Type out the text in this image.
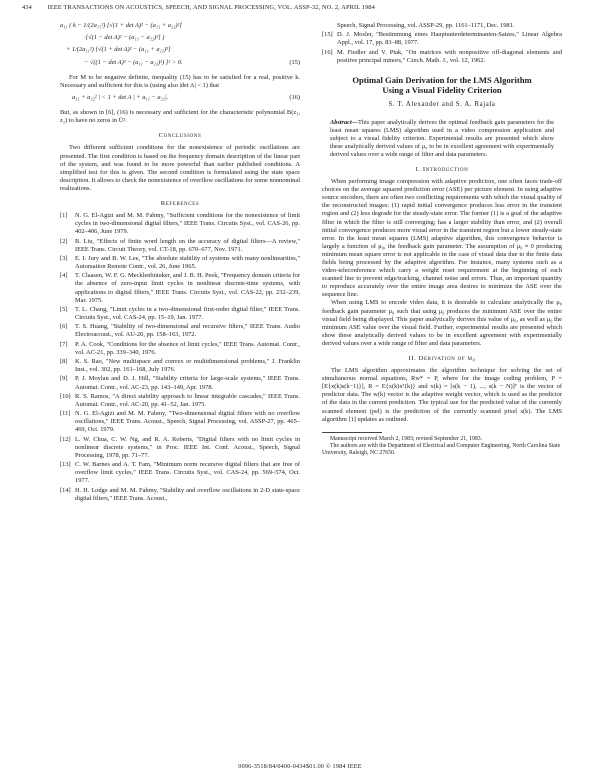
434 IEEE TRANSACTIONS ON ACOUSTICS, SPEECH, AND SIGNAL PROCESSING, VOL. ASSP-32, NO. 2, APRIL 1984
a₁₁ ( k − 1/(2a₁₁²) [√(1 + det A)² − (a₁₁ + a₂₂)²]
·[√(1 − det A)² − (a₁₁ − a₂₂)²] )
+ 1/(2a₁₁²) [√(1 + det A)² − (a₁₁ + a₂₂)²]
− √((1 − det A)² − (a₁₁ − a₂₂)²) ]² > 0.	(15)

For M to be negative definite, inequality (15) has to be satisfied for a real, positive k. Necessary and sufficient for this is (using also |det A| < 1) that

a₁₁ + a₂₂² | < 1 + det A | + a₁₁ − a₂₂|.	(16)

But, as shown in [6], (16) is necessary and sufficient for the characteristic polynomial B(z₁, z₂) to have no zeros in Ū².

Conclusions

Two different sufficient conditions for the nonexistence of periodic oscillations are presented. The first condition is based on the frequency domain description of the linear part of the system, and was found to be more powerful than earlier published conditions. A simplified test for this is given. The second condition is formulated using the state space description. It allows to check the nonexistence of overflow oscillations for some nonnominal realizations.

References
[1] N. G. El-Agizi and M. M. Fahmy, "Sufficient conditions for the nonexistence of limit cycles in two-dimensional digital filters," IEEE Trans. Circuits Syst., vol. CAS-26, pp. 402–406, June 1979.
[2] B. Liu, "Effects of finite word length on the accuracy of digital filters—A review," IEEE Trans. Circuit Theory, vol. CT-18, pp. 670–677, Nov. 1971.
[3] E. I. Jury and B. W. Lee, "The absolute stability of systems with many nonlinearities," Automation Remote Contr., vol. 26, June 1965.
[4] T. Claasen, W. F. G. Mecklenbräuker, and J. B. H. Peek, "Frequency domain criteria for the absence of zero-input limit cycles in nonlinear discrete-time systems, with applications to digital filters," IEEE Trans. Circuits Syst., vol. CAS-22, pp. 232–239, Mar. 1975.
[5] T. L. Chang, "Limit cycles in a two-dimensional first-order digital filter," IEEE Trans. Circuits Syst., vol. CAS-24, pp. 15–19, Jan. 1977.
[6] T. S. Huang, "Stability of two-dimensional and recursive filters," IEEE Trans. Audio Electroacoust., vol. AU-20, pp. 158–163, 1972.
[7] P. A. Cook, "Conditions for the absence of limit cycles," IEEE Trans. Automat. Contr., vol. AC-21, pp. 339–340, 1976.
[8] K. S. Rao, "New multispace and convex or multidimensional problems," J. Franklin Inst., vol. 302, pp. 161–168, July 1976.
[9] P. J. Moylan and D. J. Hill, "Stability criteria for large-scale systems," IEEE Trans. Automat. Contr., vol. AC-23, pp. 143–149, Apr. 1978.
[10] R. S. Ramos, "A direct stability approach to linear integrable cascades," IEEE Trans. Automat. Contr., vol. AC-20, pp. 41–52, Jan. 1975.
[11] N. G. El-Agizi and M. M. Fahmy, "Two-dimensional digital filters with no overflow oscillations," IEEE Trans. Acoust., Speech, Signal Processing, vol. ASSP-27, pp. 465–469, Oct. 1979.
[12] L. W. Chua, C. W. Ng, and R. A. Roberts, "Digital filters with no limit cycles in nonlinear discrete systems," in Proc. IEEE Int. Conf. Acoust., Speech, Signal Processing, 1978, pp. 71–77.
[13] C. W. Barnes and A. T. Fam, "Minimum norm recursive digital filters that are free of overflow limit cycles," IEEE Trans. Circuits Syst., vol. CAS-24, pp. 569–574, Oct. 1977.
[14] H. H. Lodge and M. M. Fahmy, "Stability and overflow oscillations in 2-D state-space digital filters," IEEE Trans. Acoust.,
Speech, Signal Processing, vol. ASSP-29, pp. 1161–1171, Dec. 1981.
[15] D. J. Mosler, "Bestimmung eines Hauptunterdeterminanten-Satzes," Linear Algebra Appl., vol. 17, pp. 83–88, 1977.
[16] M. Fiedler and V. Ptak, "On matrices with nonpositive off-diagonal elements and positive principal minors," Czech. Math. J., vol. 12, 1962.

Optimal Gain Derivation for the LMS Algorithm
Using a Visual Fidelity Criterion

S. T. Alexander and S. A. Rajala

Abstract—This paper analytically derives the optimal feedback gain parameters for the least mean squares (LMS) algorithm used in a video compression application and subject to a visual fidelity criterion. Experimental results are presented which show these analytically derived values of μ₀ to be in excellent agreement with experimentally derived values over a wide range of filter and data parameters.

I. Introduction

When performing image compression with adaptive predictors, one often faces trade-off choices on the average squared prediction error (ASE) per picture element. In using adaptive source encoders, there are often two conflicting requirements with which the visual quality of the reconstructed images: (1) rapid initial convergence produces less error in the transient region and (2) less degrade for the steady-state error. The former (1) is a goal of the adaptive filter in which the filter is still converging; has a larger stability than error, and (2) overall initial convergence produces more visual error in the transient region but a lower steady-state error. In the least mean squares (LMS) adaptive algorithm, this convergence behavior is largely a function of μ₀, the feedback gain parameter. The assumption of μ₀ ≈ 0 producing minimum mean square error is not applicable in the case of visual data due to the finite data fields being processed by the adaptive algorithm. For instance, many systems such as a video-teleconference which carry a weight reset requirement at the beginning of each scanned line to prevent edge/tracking, channel noise and errors. Thus, an important quantity to reproduce accurately over the entire image area desires to minimize the ASE over the sequence line.

When using LMS to encode video data, it is desirable to calculate analytically the μ₀ feedback gain parameter μ₀ such that using μ₀ produces the minimum ASE over the entire visual field being displayed. This paper analytically derives this value of μ₀, as well as μ₀ the minimum ASE value over the visual field. Further, experimental results are presented which show these analytically derived values to be in excellent agreement with experimentally derived values over a wide range of filter and data parameters.

II. Derivation of μ₀

The LMS algorithm approximates the algorithm technique for solving the set of simultaneous normal equations, Rw* = P, where for the image coding problem, P = [E{x(k)s(k−1)}], R = E{x(k)xᵀ(k)} and x(k) = [s(k − 1), ..., s(k − N)]ᵀ is the vector of predictor data. The w(k) vector is the adaptive weight vector, which is used as the predictor of the data in the current prediction. The typical use for the predicted value of the currently scanned element (pel) is the prediction of the currently scanned pixel s(k). The LMS algorithm [1] updates as outlined.

Manuscript received March 2, 1983; revised September 21, 1983.

The authors are with the Department of Electrical and Computer Engineering, North Carolina State University, Raleigh, NC 27650.

0096-3518/84/0400-0434$01.00 © 1984 IEEE
